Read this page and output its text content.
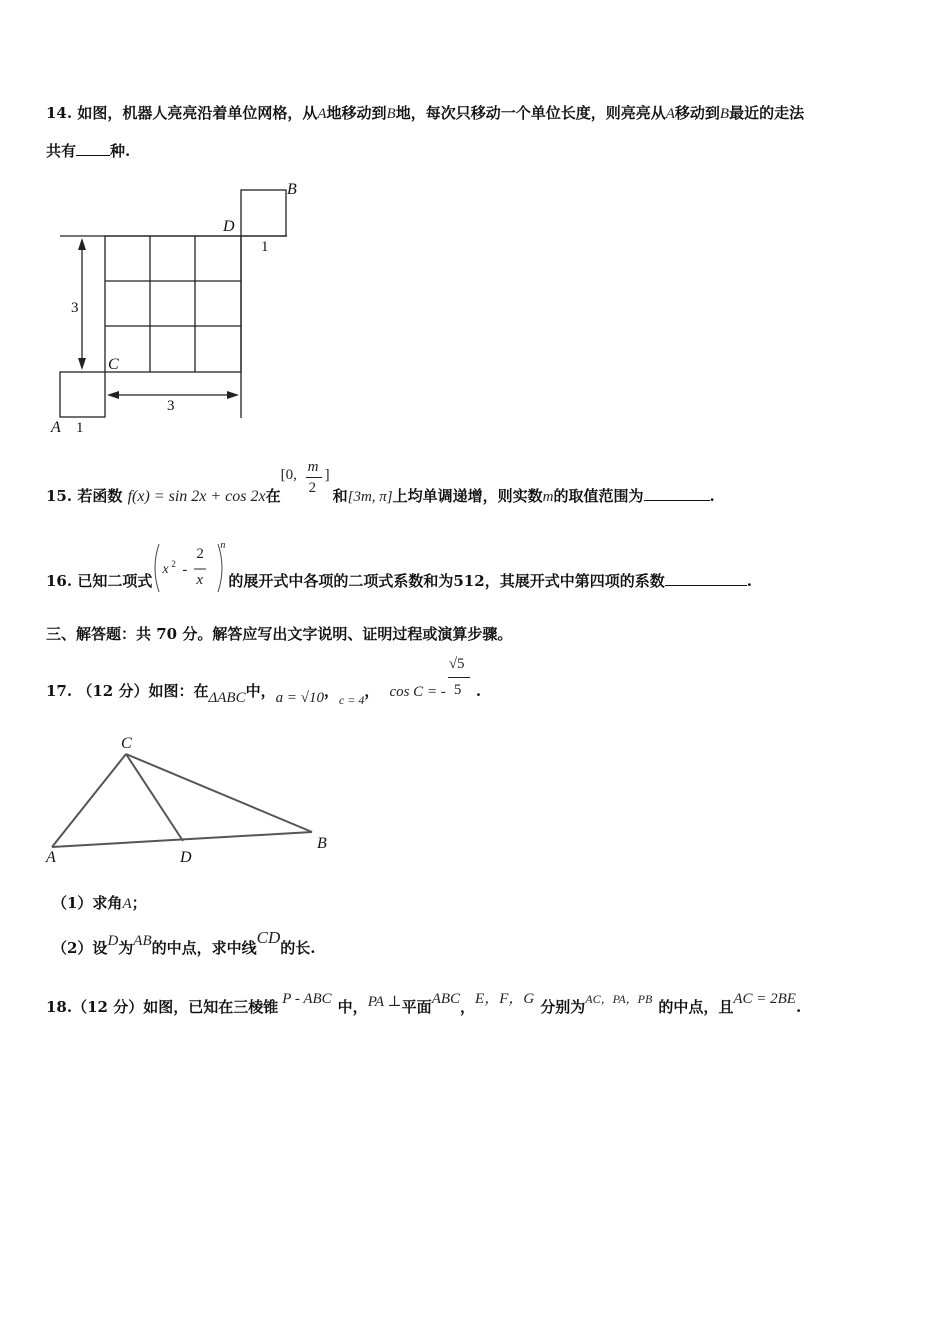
14. 如图，机器人亮亮沿着单位网格，从A地移动到B地，每次只移动一个单位长度，则亮亮从A移动到B最近的走法
共有 种.
B
D
1
3
C
3
A 1
15. 若函数 f(x) = sin 2x + cos 2x在
[0, m
2
]
和[3m, π]上均单调递增，则实数m的取值范围为	.
16. 已知二项式
x 2 -
2
x
n
的展开式中各项的二项式系数和为512，其展开式中第四项的系数	.
三、解答题：共 70 分。解答应写出文字说明、证明过程或演算步骤。
17. （12 分）如图：在ΔABC中，a = √10，$_{c = 4}$， cos C = - $\frac{√5}{5}$ .
C
A	D
B
（1）求角A；
（2）设D为AB的中点，求中线CD的长.
18.（12 分）如图，已知在三棱锥 P - ABC 中，PA ⊥平面ABC，E，F，G 分别为$^{AC,PA,PB}$ 的中点，且AC = 2BE.
